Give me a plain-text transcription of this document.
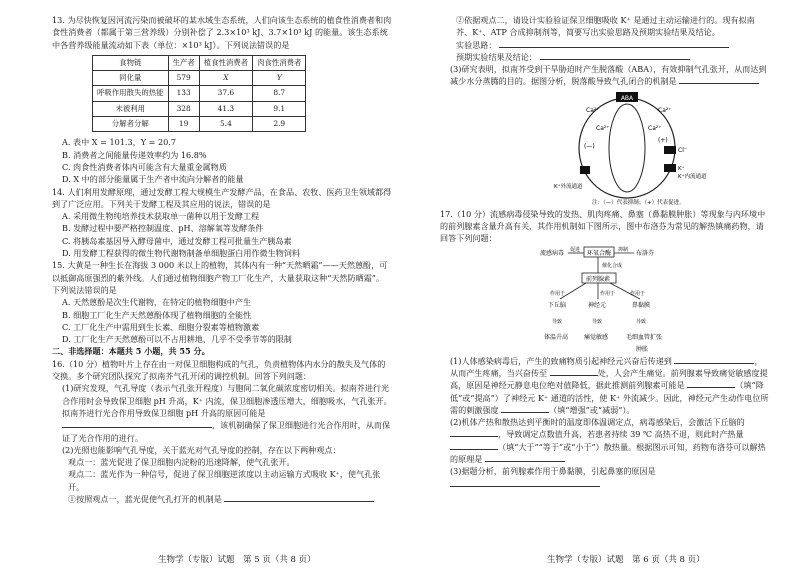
13. 为尽快恢复因河流污染而被破坏的某水域生态系统，人们向该生态系统的植食性消费者和肉食性消费者（都属于第三营养级）分别补偿了 2.3×10³ kJ、3.7×10³ kJ 的能量。该生态系统中各营养级能量流动如下表（单位：×10³ kJ）。下列说法错误的是

食物链	生产者	植食性消费者	肉食性消费者
同化量	579	X	Y
呼吸作用散失的热能	133	37.6	8.7
未被利用	328	41.3	9.1
分解者分解	19	5.4	2.9

A. 表中 X = 101.3，Y = 20.7

B. 消费者之间能量传递效率约为 16.8%

C. 肉食性消费者体内可能含有大量重金属物质

D. X 中的部分能量属于生产者中流向分解者的能量

14. 人们利用发酵原理，通过发酵工程大规模生产发酵产品，在食品、农牧、医药卫生领域都得到了广泛应用。下列关于发酵工程及其应用的说法，错误的是

A. 采用微生物纯培养技术获取单一菌种以用于发酵工程

B. 发酵过程中要严格控制温度、pH、溶解氧等发酵条件

C. 将胰岛素基因导入酵母菌中，通过发酵工程可批量生产胰岛素

D. 用发酵工程获得的微生物代谢物制备单细胞蛋白用作微生物饲料

15. 大黄是一种生长在海拔 3 000 米以上的植物，其体内有一种“天然晒霜”——天然蒽酚，可以抵御高原强烈的紫外线。人们通过植物细胞产物工厂化生产，大量获取这种“天然防晒霜”。下列说法错误的是

A. 天然蒽酚是次生代谢物，在特定的植物细胞中产生

B. 细胞工厂化生产天然蒽酚体现了植物细胞的全能性

C. 工厂化生产中需用到生长素、细胞分裂素等植物激素

D. 工厂化生产天然蒽酚可以不占用耕地，几乎不受季节等的限制

二、非选择题：本题共 5 小题，共 55 分。

16.（10 分）植物叶片上存在由一对保卫细胞构成的气孔，负责植物体内水分的散失及气体的交换。多个研究团队探究了拟南芥气孔开闭的调控机制。回答下列问题：

(1)研究发现，气孔导度（表示气孔张开程度）与胞间二氧化碳浓度密切相关。拟南芥进行光合作用时会导致保卫细胞 pH 升高，K⁺ 内流，保卫细胞渗透压增大，细胞吸水，气孔张开。拟南芥进行光合作用导致保卫细胞 pH 升高的原因可能是 ，该机制确保了保卫细胞进行光合作用时，从而保证了光合作用的进行。

(2)光照也能影响气孔导度，关于蓝光对气孔导度的控制，存在以下两种观点：

观点一：蓝光促进了保卫细胞内淀粉的迅速降解，使气孔张开。

观点二：蓝光作为一种信号，促进了保卫细胞逆浓度以主动运输方式吸收 K⁺，使气孔张开。

①按照观点一，蓝光促使气孔打开的机制是

②依据观点二，请设计实验验证保卫细胞吸收 K⁺ 是通过主动运输进行的。现有拟南芥、K⁺、ATP 合成抑制剂等，简要写出实验思路及预期实验结果及结论。

实验思路：

预期实验结果及结论：

(3)研究表明，拟南芥受到干旱胁迫时产生脱落酸（ABA），有效抑制气孔张开，从而达到减少水分蒸腾的目的。据图分析，脱落酸导致气孔闭合的机制是

ABA
Ca²⁺	Ca²⁺
Ca²⁺	Ca²⁺
(—)
(+)
Cl⁻
K⁺
K⁺内流通道
K⁺外流通道
注：（—）代表抑制；（+）代表促进。

17.（10 分）流感病毒侵染导致的发热、肌肉疼痛、鼻塞（鼻黏膜肿胀）等现象与内环境中的前列腺素含量升高有关，其作用机制如下图所示，图中布洛芬为常见的解热镇痛药物，请回答下列问题：

流感病毒 促进 环氧合酶 抑制 布洛芬
催化合成
前列腺素
作用于	作用于	作用于
下丘脑	神经元	鼻黏膜
导致	导致	导致
体温升高	痛觉敏感	毛细血管扩张
肿胀

(1)人体感染病毒后，产生的致痛物质引起神经元兴奋后传递到	，从而产生疼痛，当兴奋传至	处，人会产生痛觉。前列腺素导致痛觉敏感度提高，原因是神经元静息电位绝对值降低，据此推测前列腺素可能是	（填“降低”或“提高”）了神经元 K⁺ 通道的活性，使 K⁺ 外流减少。因此，神经元产生动作电位所需的刺激强度	（填“增强”或“减弱”）。

(2)机体产热和散热达到平衡时的温度即体温调定点，病毒感染后，会激活下丘脑的 ，导致调定点数值升高，若患者持续 39 ℃ 高热不退，则此时产热量 （填“大于”“等于”或“小于”）散热量。根据图示可知，药物布洛芬可以解热的原理是

(3)据题分析，前列腺素作用于鼻黏膜，引起鼻塞的原因是

生物学（专版）试题　第 5 页（共 8 页）	生物学（专版）试题　第 6 页（共 8 页）
